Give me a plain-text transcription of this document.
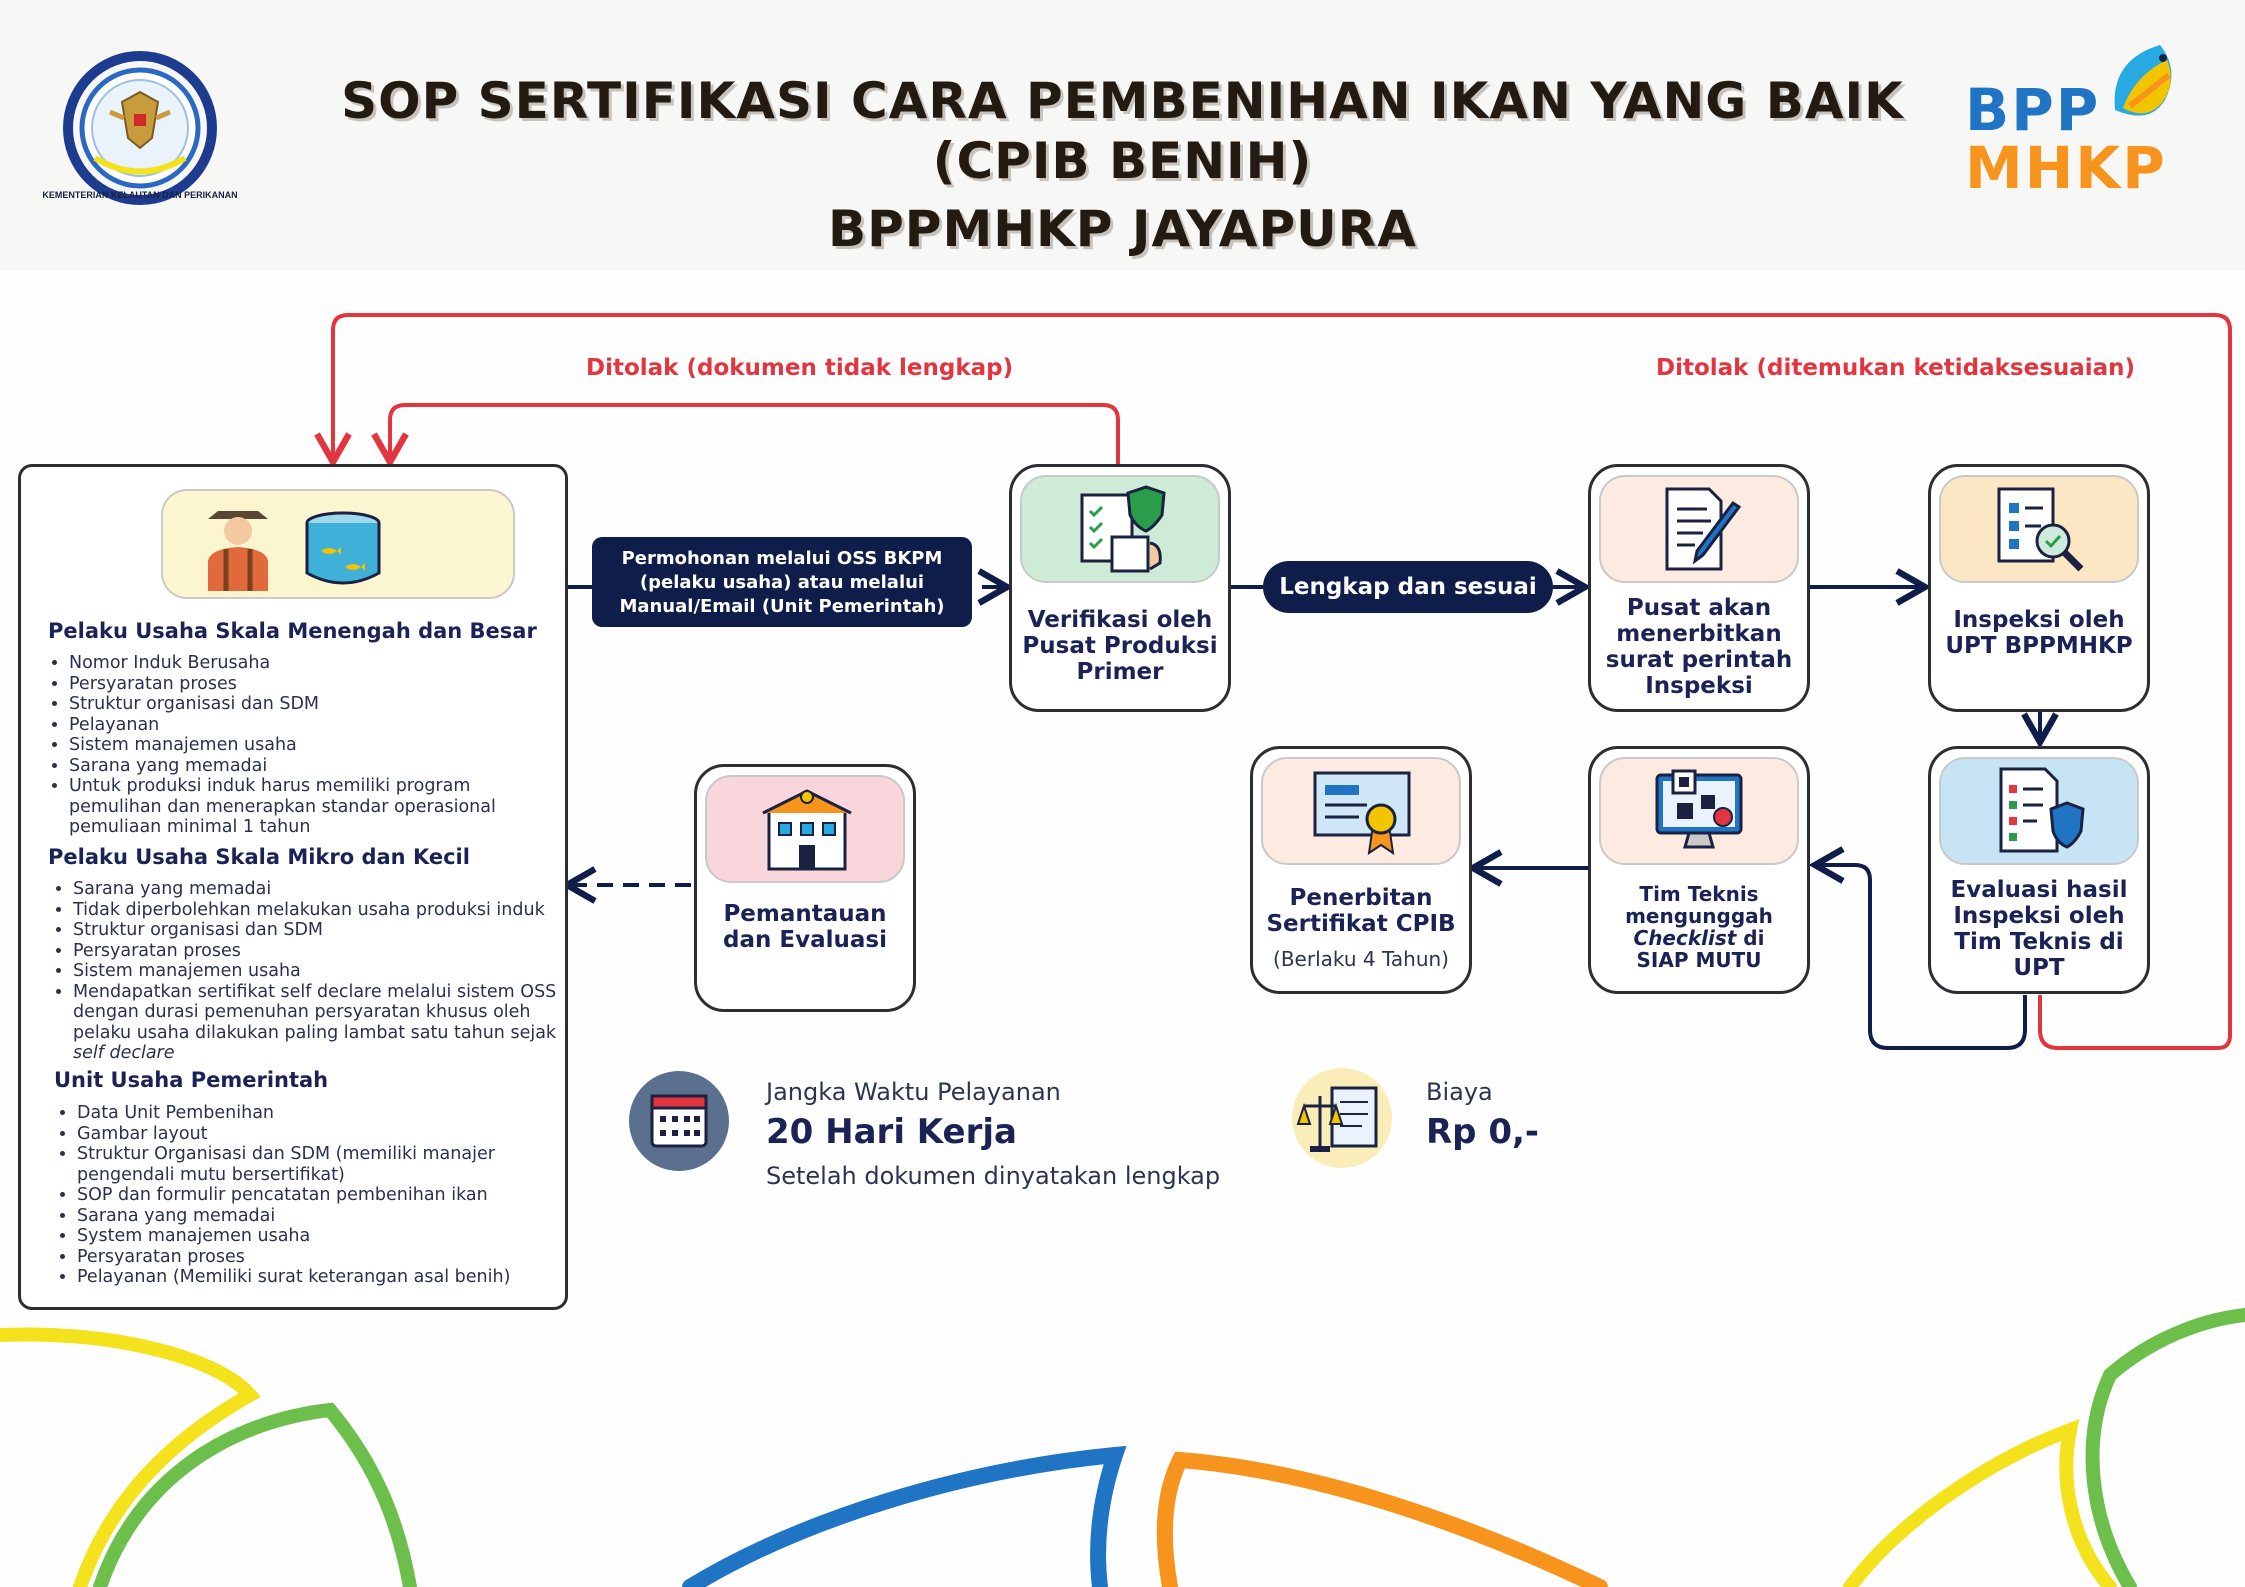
KEMENTERIAN KELAUTAN DAN PERIKANAN
SOP SERTIFIKASI CARA PEMBENIHAN IKAN YANG BAIK
(CPIB BENIH)
BPPMHKP JAYAPURA
BPP
MHKP
Ditolak (dokumen tidak lengkap)	Ditolak (ditemukan ketidaksesuaian)
Pelaku Usaha Skala Menengah dan Besar
• Nomor Induk Berusaha
• Persyaratan proses
• Struktur organisasi dan SDM
• Pelayanan
• Sistem manajemen usaha
• Sarana yang memadai
• Untuk produksi induk harus memiliki program pemulihan dan menerapkan standar operasional pemuliaan minimal 1 tahun
Pelaku Usaha Skala Mikro dan Kecil
• Sarana yang memadai
• Tidak diperbolehkan melakukan usaha produksi induk
• Struktur organisasi dan SDM
• Persyaratan proses
• Sistem manajemen usaha
• Mendapatkan sertifikat self declare melalui sistem OSS dengan durasi pemenuhan persyaratan khusus oleh pelaku usaha dilakukan paling lambat satu tahun sejak self declare
Unit Usaha Pemerintah
• Data Unit Pembenihan
• Gambar layout
• Struktur Organisasi dan SDM (memiliki manajer pengendali mutu bersertifikat)
• SOP dan formulir pencatatan pembenihan ikan
• Sarana yang memadai
• System manajemen usaha
• Persyaratan proses
• Pelayanan (Memiliki surat keterangan asal benih)
Permohonan melalui OSS BKPM (pelaku usaha) atau melalui Manual/Email (Unit Pemerintah)
Lengkap dan sesuai
Verifikasi oleh Pusat Produksi Primer
Pusat akan menerbitkan surat perintah Inspeksi
Inspeksi oleh UPT BPPMHKP
Evaluasi hasil Inspeksi oleh Tim Teknis di UPT
Tim Teknis mengunggah
Checklist di
SIAP MUTU
Penerbitan Sertifikat CPIB
(Berlaku 4 Tahun)
Pemantauan dan Evaluasi
Jangka Waktu Pelayanan
20 Hari Kerja
Setelah dokumen dinyatakan lengkap
Biaya
Rp 0,-
